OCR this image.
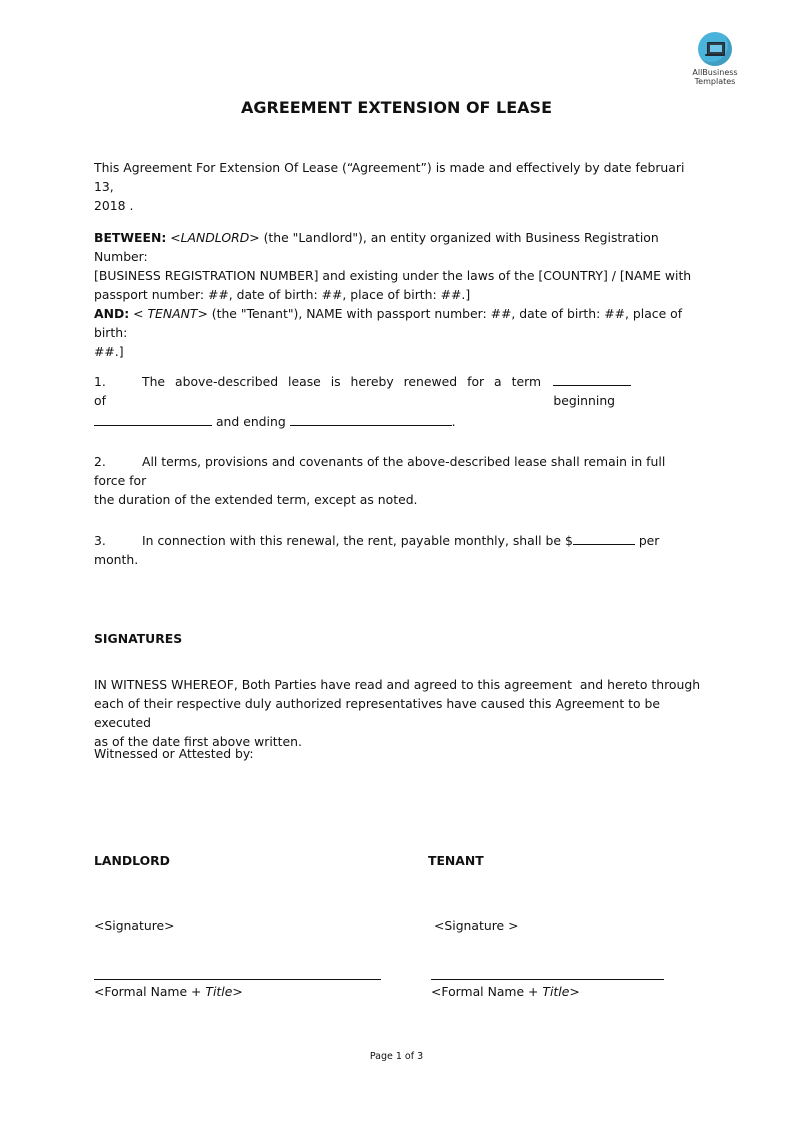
AllBusiness
Templates
AGREEMENT EXTENSION OF LEASE
This Agreement For Extension Of Lease (“Agreement”) is made and effectively by date februari 13,
2018 .
BETWEEN: <LANDLORD> (the "Landlord"), an entity organized with Business Registration Number:
[BUSINESS REGISTRATION NUMBER] and existing under the laws of the [COUNTRY] / [NAME with
passport number: ##, date of birth: ##, place of birth: ##.]
AND: < TENANT> (the "Tenant"), NAME with passport number: ##, date of birth: ##, place of birth:
##.]
1.	The above-described lease is hereby renewed for a term of	beginning
and ending	.
2.	All terms, provisions and covenants of the above-described lease shall remain in full force for
the duration of the extended term, except as noted.
3.	In connection with this renewal, the rent, payable monthly, shall be $	per month.
SIGNATURES
IN WITNESS WHEREOF, Both Parties have read and agreed to this agreement  and hereto through
each of their respective duly authorized representatives have caused this Agreement to be executed
as of the date first above written.
Witnessed or Attested by:
LANDLORD
<Signature>
<Formal Name + Title>
TENANT
<Signature >
<Formal Name + Title>
Page 1 of 3
